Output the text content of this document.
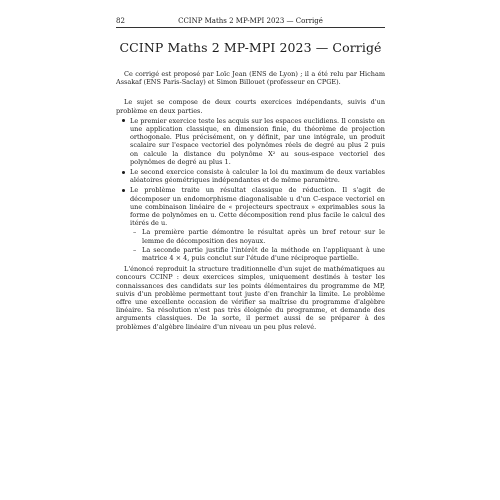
82	CCINP Maths 2 MP-MPI 2023 — Corrigé
CCINP Maths 2 MP-MPI 2023 — Corrigé

Ce corrigé est proposé par Loïc Jean (ENS de Lyon) ; il a été relu par Hicham Assakaf (ENS Paris-Saclay) et Simon Billouet (professeur en CPGE).

Le sujet se compose de deux courts exercices indépendants, suivis d'un problème en deux parties.

Le premier exercice teste les acquis sur les espaces euclidiens. Il consiste en une application classique, en dimension finie, du théorème de projection orthogonale. Plus précisément, on y définit, par une intégrale, un produit scalaire sur l'espace vectoriel des polynômes réels de degré au plus 2 puis on calcule la distance du polynôme X² au sous-espace vectoriel des polynômes de degré au plus 1.
Le second exercice consiste à calculer la loi du maximum de deux variables aléatoires géométriques indépendantes et de même paramètre.
Le problème traite un résultat classique de réduction. Il s'agit de décomposer un endomorphisme diagonalisable u d'un C-espace vectoriel en une combinaison linéaire de « projecteurs spectraux » exprimables sous la forme de polynômes en u. Cette décomposition rend plus facile le calcul des itérés de u.
– La première partie démontre le résultat après un bref retour sur le lemme de décomposition des noyaux.
– La seconde partie justifie l'intérêt de la méthode en l'appliquant à une matrice 4 × 4, puis conclut sur l'étude d'une réciproque partielle.

L'énoncé reproduit la structure traditionnelle d'un sujet de mathématiques au concours CCINP : deux exercices simples, uniquement destinés à tester les connaissances des candidats sur les points élémentaires du programme de MP, suivis d'un problème permettant tout juste d'en franchir la limite. Le problème offre une excellente occasion de vérifier sa maîtrise du programme d'algèbre linéaire. Sa résolution n'est pas très éloignée du programme, et demande des arguments classiques. De la sorte, il permet aussi de se préparer à des problèmes d'algèbre linéaire d'un niveau un peu plus relevé.
